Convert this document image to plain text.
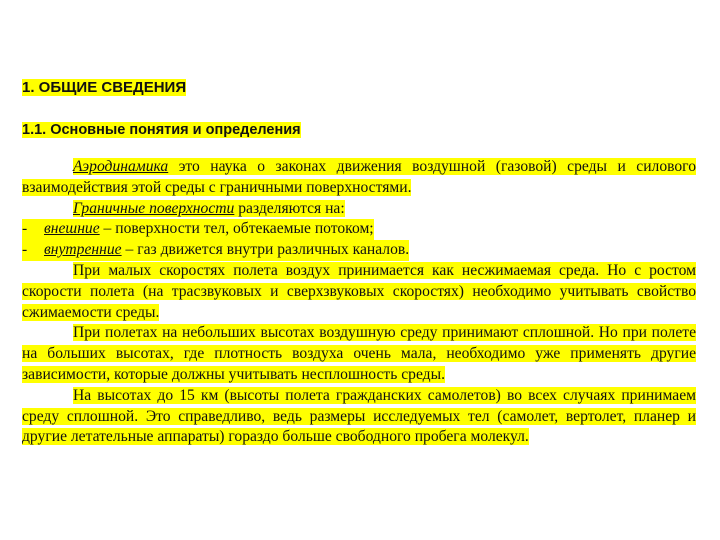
1. ОБЩИЕ СВЕДЕНИЯ
1.1. Основные понятия и определения

Аэродинамика это наука о законах движения воздушной (газовой) среды и силового взаимодействия этой среды с граничными поверхностями.

Граничные поверхности разделяются на:

-	внешние – поверхности тел, обтекаемые потоком;
-	внутренние – газ движется внутри различных каналов.

При малых скоростях полета воздух принимается как несжимаемая среда. Но с ростом скорости полета (на трасзвуковых и сверхзвуковых скоростях) необходимо учитывать свойство сжимаемости среды.

При полетах на небольших высотах воздушную среду принимают сплошной. Но при полете на больших высотах, где плотность воздуха очень мала, необходимо уже применять другие зависимости, которые должны учитывать несплошность среды.

На высотах до 15 км (высоты полета гражданских самолетов) во всех случаях принимаем среду сплошной. Это справедливо, ведь размеры исследуемых тел (самолет, вертолет, планер и другие летательные аппараты) гораздо больше свободного пробега молекул.
